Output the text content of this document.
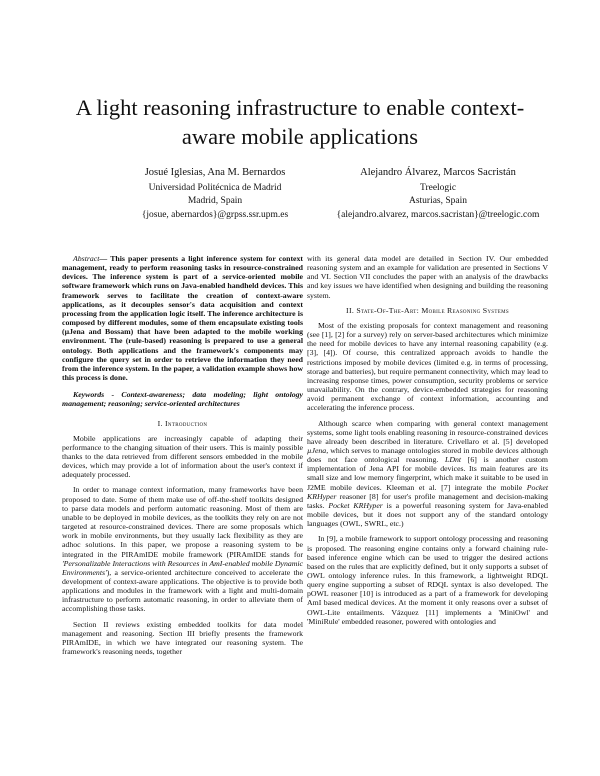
A light reasoning infrastructure to enable context-aware mobile applications
Josué Iglesias, Ana M. Bernardos
Universidad Politécnica de Madrid
Madrid, Spain
{josue, abernardos}@grpss.ssr.upm.es
Alejandro Álvarez, Marcos Sacristán
Treelogic
Asturias, Spain
{alejandro.alvarez, marcos.sacristan}@treelogic.com

Abstract— This paper presents a light inference system for context management, ready to perform reasoning tasks in resource-constrained devices. The inference system is part of a service-oriented mobile software framework which runs on Java-enabled handheld devices. This framework serves to facilitate the creation of context-aware applications, as it decouples sensor's data acquisition and context processing from the application logic itself. The inference architecture is composed by different modules, some of them encapsulate existing tools (µJena and Bossam) that have been adapted to the mobile working environment. The (rule-based) reasoning is prepared to use a general ontology. Both applications and the framework's components may configure the query set in order to retrieve the information they need from the inference system. In the paper, a validation example shows how this process is done.

Keywords - Context-awareness; data modeling; light ontology management; reasoning; service-oriented architectures

I. Introduction

Mobile applications are increasingly capable of adapting their performance to the changing situation of their users. This is mainly possible thanks to the data retrieved from different sensors embedded in the mobile devices, which may provide a lot of information about the user's context if adequately processed.

In order to manage context information, many frameworks have been proposed to date. Some of them make use of off-the-shelf toolkits designed to parse data models and perform automatic reasoning. Most of them are unable to be deployed in mobile devices, as the toolkits they rely on are not targeted at resource-constrained devices. There are some proposals which work in mobile environments, but they usually lack flexibility as they are adhoc solutions. In this paper, we propose a reasoning system to be integrated in the PIRAmIDE mobile framework (PIRAmIDE stands for 'Personalizable Interactions with Resources in AmI-enabled mobile Dynamic Environments'), a service-oriented architecture conceived to accelerate the development of context-aware applications. The objective is to provide both applications and modules in the framework with a light and multi-domain infrastructure to perform automatic reasoning, in order to alleviate them of accomplishing those tasks.

Section II reviews existing embedded toolkits for data model management and reasoning. Section III briefly presents the framework PIRAmIDE, in which we have integrated our reasoning system. The framework's reasoning needs, together

with its general data model are detailed in Section IV. Our embedded reasoning system and an example for validation are presented in Sections V and VI. Section VII concludes the paper with an analysis of the drawbacks and key issues we have identified when designing and building the reasoning system.

II. State-Of-The-Art: Mobile Reasoning Systems

Most of the existing proposals for context management and reasoning (see [1], [2] for a survey) rely on server-based architectures which minimize the need for mobile devices to have any internal reasoning capability (e.g. [3], [4]). Of course, this centralized approach avoids to handle the restrictions imposed by mobile devices (limited e.g. in terms of processing, storage and batteries), but require permanent connectivity, which may lead to increasing response times, power consumption, security problems or service unavailability. On the contrary, device-embedded strategies for reasoning avoid permanent exchange of context information, accounting and accelerating the inference process.

Although scarce when comparing with general context management systems, some light tools enabling reasoning in resource-constrained devices have already been described in literature. Crivellaro et al. [5] developed µJena, which serves to manage ontologies stored in mobile devices although does not face ontological reasoning. LDnt [6] is another custom implementation of Jena API for mobile devices. Its main features are its small size and low memory fingerprint, which make it suitable to be used in J2ME mobile devices. Kleeman et al. [7] integrate the mobile Pocket KRHyper reasoner [8] for user's profile management and decision-making tasks. Pocket KRHyper is a powerful reasoning system for Java-enabled mobile devices, but it does not support any of the standard ontology languages (OWL, SWRL, etc.)

In [9], a mobile framework to support ontology processing and reasoning is proposed. The reasoning engine contains only a forward chaining rule-based inference engine which can be used to trigger the desired actions based on the rules that are explicitly defined, but it only supports a subset of OWL ontology inference rules. In this framework, a lightweight RDQL query engine supporting a subset of RDQL syntax is also developed. The pOWL reasoner [10] is introduced as a part of a framework for developing AmI based medical devices. At the moment it only reasons over a subset of OWL-Lite entailments. Vázquez [11] implements a 'MiniOwl' and 'MiniRule' embedded reasoner, powered with ontologies and
